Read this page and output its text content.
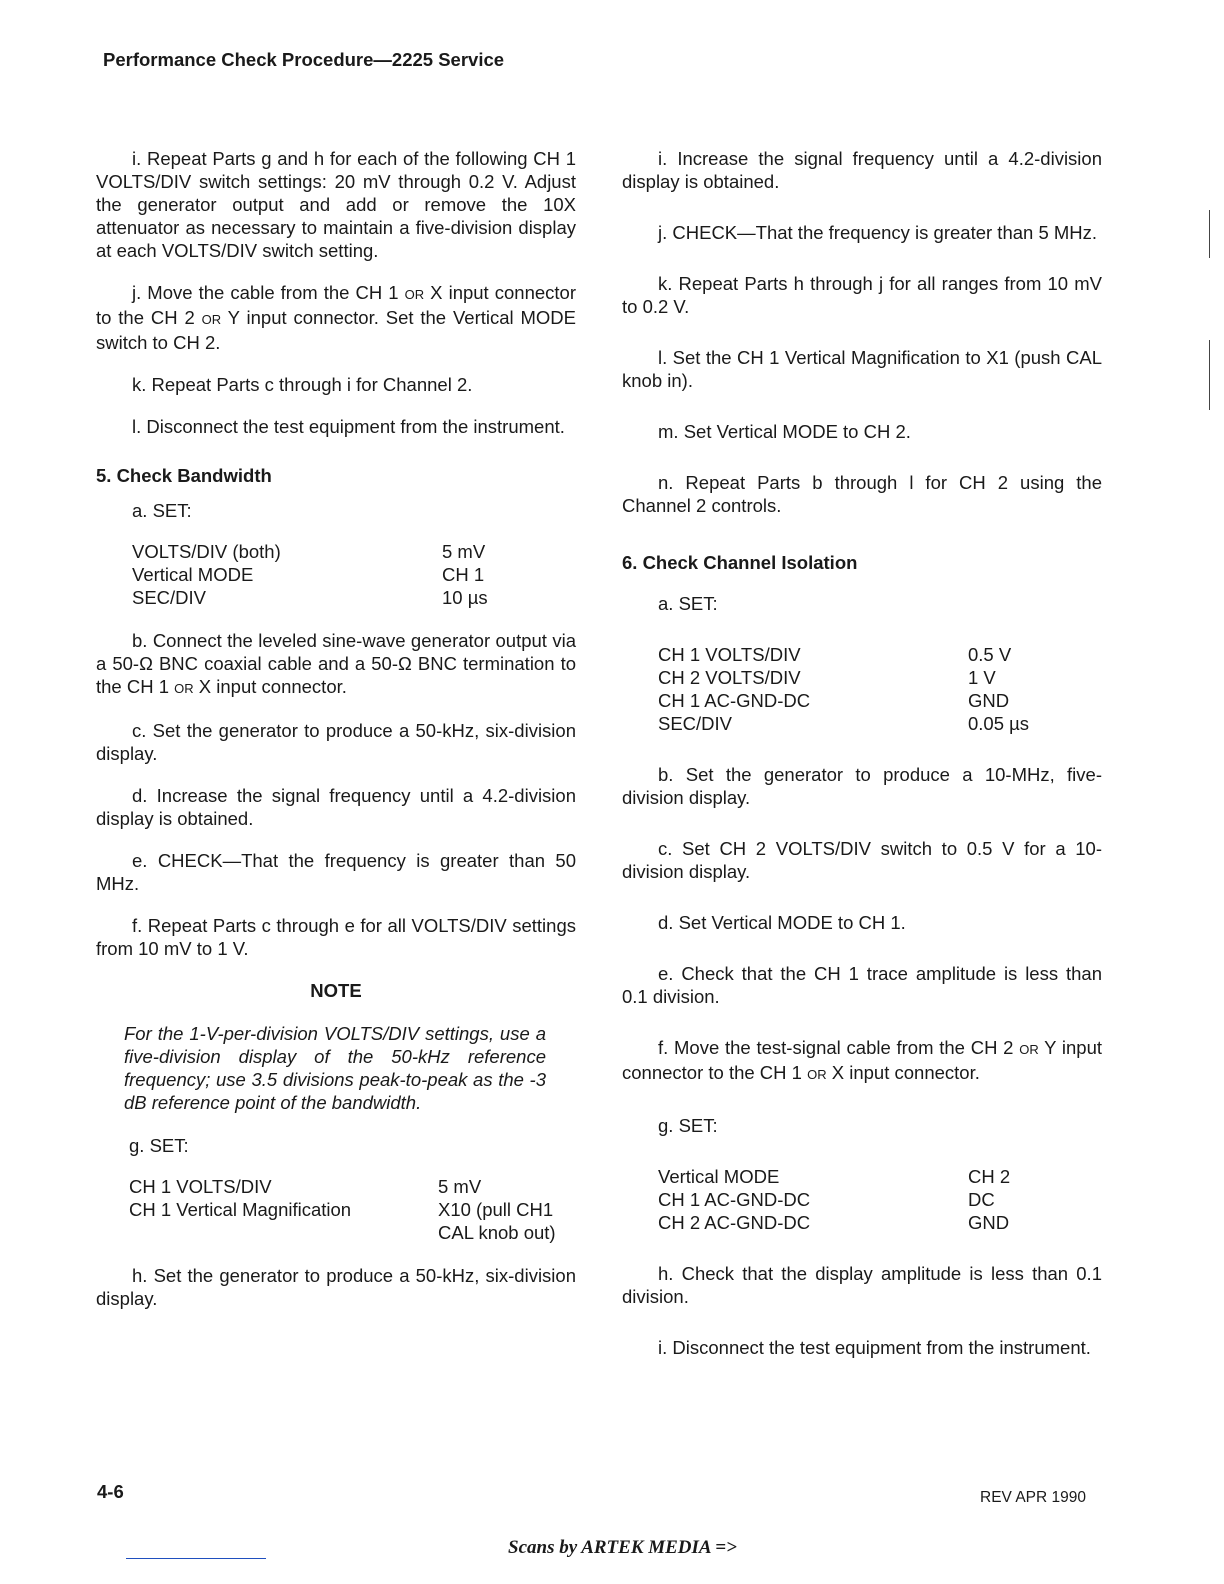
Performance Check Procedure—2225 Service

i. Repeat Parts g and h for each of the following CH 1 VOLTS/DIV switch settings: 20 mV through 0.2 V. Adjust the generator output and add or remove the 10X attenuator as necessary to maintain a five-division display at each VOLTS/DIV switch setting.

j. Move the cable from the CH 1 OR X input connector to the CH 2 OR Y input connector. Set the Vertical MODE switch to CH 2.

k. Repeat Parts c through i for Channel 2.

l. Disconnect the test equipment from the instrument.

5. Check Bandwidth
a. SET:
VOLTS/DIV (both)	5 mV
Vertical MODE	CH 1
SEC/DIV	10 µs

b. Connect the leveled sine-wave generator output via a 50-Ω BNC coaxial cable and a 50-Ω BNC termination to the CH 1 OR X input connector.

c. Set the generator to produce a 50-kHz, six-division display.

d. Increase the signal frequency until a 4.2-division display is obtained.

e. CHECK—That the frequency is greater than 50 MHz.

f. Repeat Parts c through e for all VOLTS/DIV settings from 10 mV to 1 V.

NOTE
For the 1-V-per-division VOLTS/DIV settings, use a five-division display of the 50-kHz reference frequency; use 3.5 divisions peak-to-peak as the -3 dB reference point of the bandwidth.
g. SET:
CH 1 VOLTS/DIV	5 mV
CH 1 Vertical Magnification	X10 (pull CH1 CAL knob out)

h. Set the generator to produce a 50-kHz, six-division display.

i. Increase the signal frequency until a 4.2-division display is obtained.

j. CHECK—That the frequency is greater than 5 MHz.

k. Repeat Parts h through j for all ranges from 10 mV to 0.2 V.

l. Set the CH 1 Vertical Magnification to X1 (push CAL knob in).

m. Set Vertical MODE to CH 2.

n. Repeat Parts b through l for CH 2 using the Channel 2 controls.

6. Check Channel Isolation
a. SET:
CH 1 VOLTS/DIV	0.5 V
CH 2 VOLTS/DIV	1 V
CH 1 AC-GND-DC	GND
SEC/DIV	0.05 µs

b. Set the generator to produce a 10-MHz, five-division display.

c. Set CH 2 VOLTS/DIV switch to 0.5 V for a 10-division display.

d. Set Vertical MODE to CH 1.

e. Check that the CH 1 trace amplitude is less than 0.1 division.

f. Move the test-signal cable from the CH 2 OR Y input connector to the CH 1 OR X input connector.

g. SET:
Vertical MODE	CH 2
CH 1 AC-GND-DC	DC
CH 2 AC-GND-DC	GND

h. Check that the display amplitude is less than 0.1 division.

i. Disconnect the test equipment from the instrument.

4-6	REV APR 1990
Scans by ARTEK MEDIA =>
